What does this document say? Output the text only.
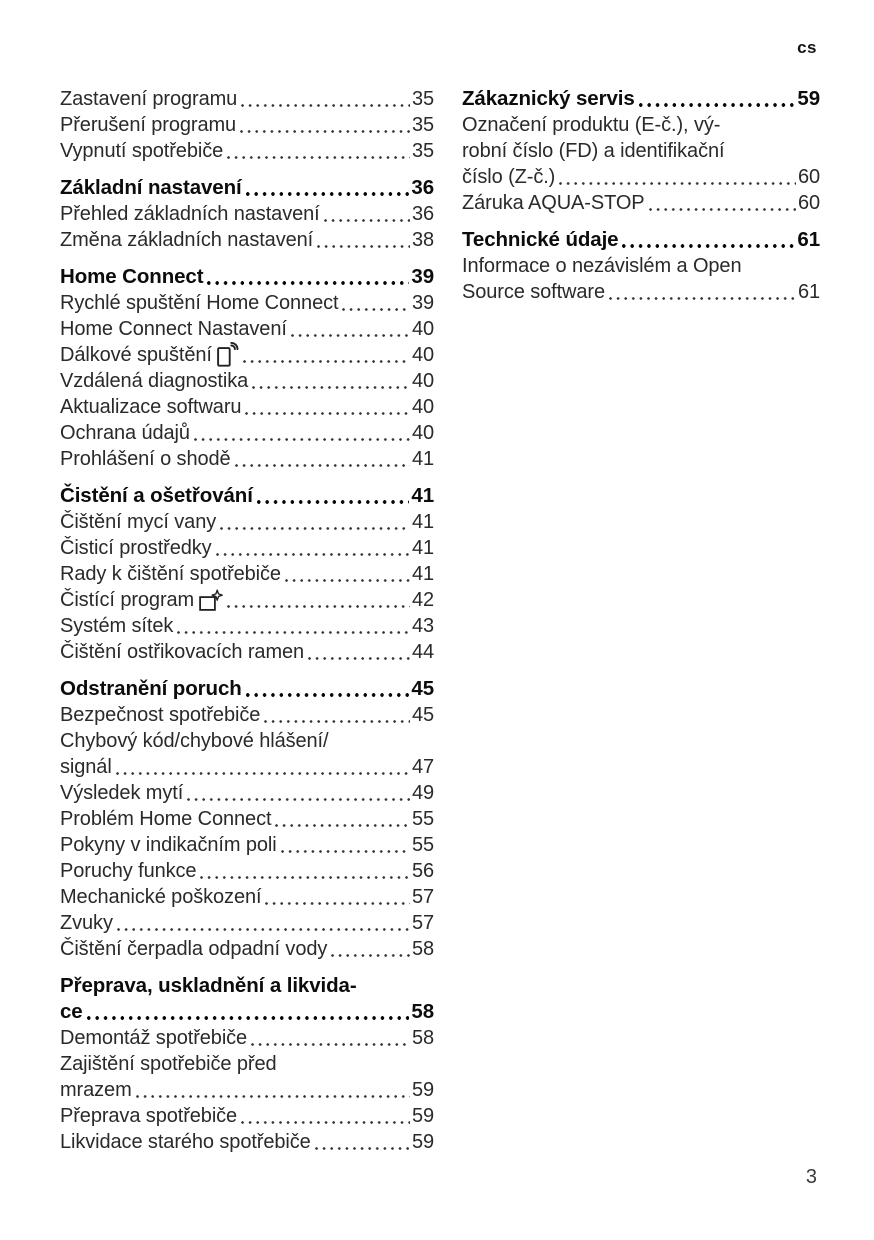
cs
Zastavení programu	35
Přerušení programu	35
Vypnutí spotřebiče	35
Základní nastavení	36
Přehled základních nastavení	36
Změna základních nastavení	38
Home Connect	39
Rychlé spuštění Home Connect	39
Home Connect Nastavení	40
Dálkové spuštění	40
Vzdálená diagnostika	40
Aktualizace softwaru	40
Ochrana údajů	40
Prohlášení o shodě	41
Čistění a ošetřování	41
Čištění mycí vany	41
Čisticí prostředky	41
Rady k čištění spotřebiče	41
Čistící program	42
Systém sítek	43
Čištění ostřikovacích ramen	44
Odstranění poruch	45
Bezpečnost spotřebiče	45
Chybový kód/chybové hlášení/
signál	47
Výsledek mytí	49
Problém Home Connect	55
Pokyny v indikačním poli	55
Poruchy funkce	56
Mechanické poškození	57
Zvuky	57
Čištění čerpadla odpadní vody	58
Přeprava, uskladnění a likvida-
ce	58
Demontáž spotřebiče	58
Zajištění spotřebiče před
mrazem	59
Přeprava spotřebiče	59
Likvidace starého spotřebiče	59
Zákaznický servis	59
Označení produktu (E-č.), vý-
robní číslo (FD) a identifikační
číslo (Z-č.)	60
Záruka AQUA-STOP	60
Technické údaje	61
Informace o nezávislém a Open
Source software	61
3
